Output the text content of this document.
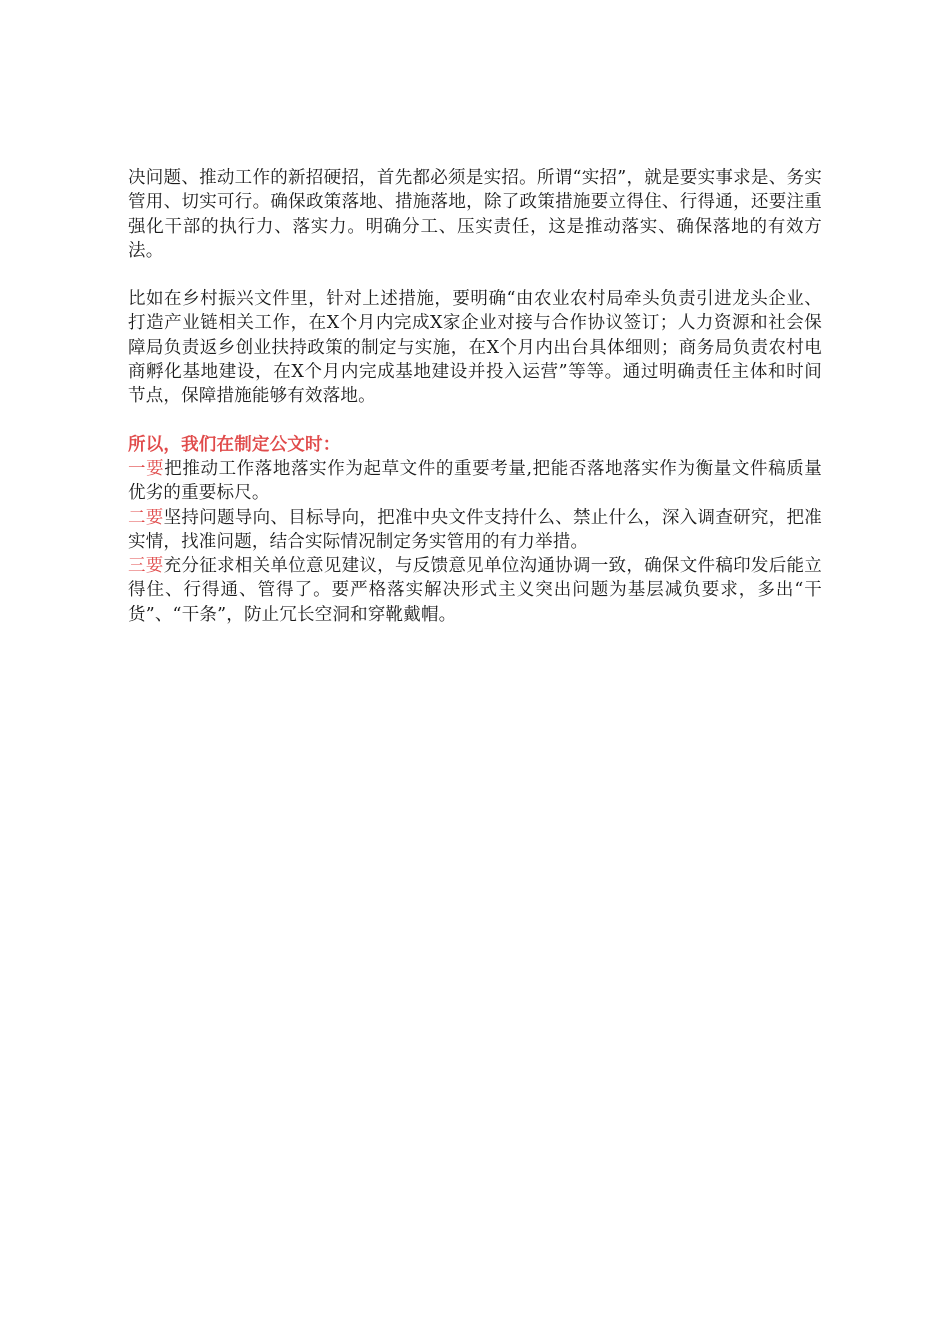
决问题、推动工作的新招硬招，首先都必须是实招。所谓“实招”，就是要实事求是、务实管用、切实可行。确保政策落地、措施落地，除了政策措施要立得住、行得通，还要注重强化干部的执行力、落实力。明确分工、压实责任，这是推动落实、确保落地的有效方法。

比如在乡村振兴文件里，针对上述措施，要明确“由农业农村局牵头负责引进龙头企业、打造产业链相关工作，在X个月内完成X家企业对接与合作协议签订；人力资源和社会保障局负责返乡创业扶持政策的制定与实施，在X个月内出台具体细则；商务局负责农村电商孵化基地建设，在X个月内完成基地建设并投入运营”等等。通过明确责任主体和时间节点，保障措施能够有效落地。

所以，我们在制定公文时：

一要把推动工作落地落实作为起草文件的重要考量,把能否落地落实作为衡量文件稿质量优劣的重要标尺。

二要坚持问题导向、目标导向，把准中央文件支持什么、禁止什么，深入调查研究，把准实情，找准问题，结合实际情况制定务实管用的有力举措。

三要充分征求相关单位意见建议，与反馈意见单位沟通协调一致，确保文件稿印发后能立得住、行得通、管得了。要严格落实解决形式主义突出问题为基层减负要求，多出“干货”、“干条”，防止冗长空洞和穿靴戴帽。
